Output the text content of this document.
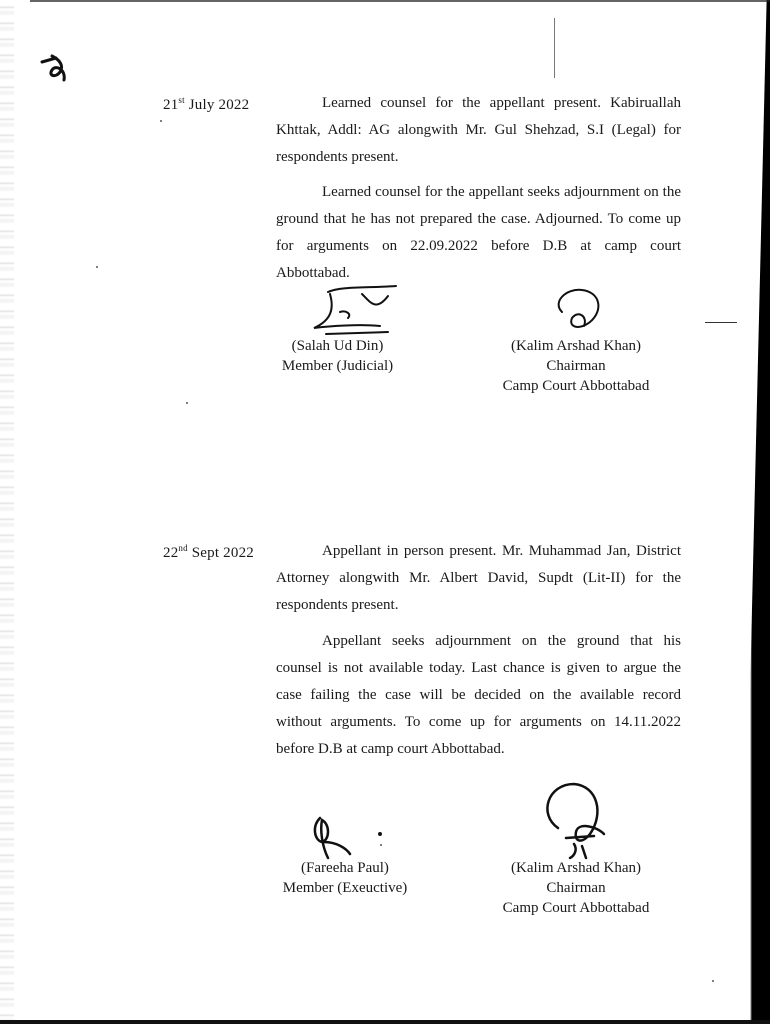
21st July 2022	Learned counsel for the appellant present. Kabiruallah Khttak, Addl: AG alongwith Mr. Gul Shehzad, S.I (Legal) for respondents present.

Learned counsel for the appellant seeks adjournment on the ground that he has not prepared the case. Adjourned. To come up for arguments on 22.09.2022 before D.B at camp court Abbottabad.

(Salah Ud Din)
Member (Judicial)
(Kalim Arshad Khan)
Chairman
Camp Court Abbottabad
22nd Sept 2022	Appellant in person present. Mr. Muhammad Jan, District Attorney alongwith Mr. Albert David, Supdt (Lit-II) for the respondents present.

Appellant seeks adjournment on the ground that his counsel is not available today. Last chance is given to argue the case failing the case will be decided on the available record without arguments. To come up for arguments on 14.11.2022 before D.B at camp court Abbottabad.

(Fareeha Paul)
Member (Exeuctive)
(Kalim Arshad Khan)
Chairman
Camp Court Abbottabad
